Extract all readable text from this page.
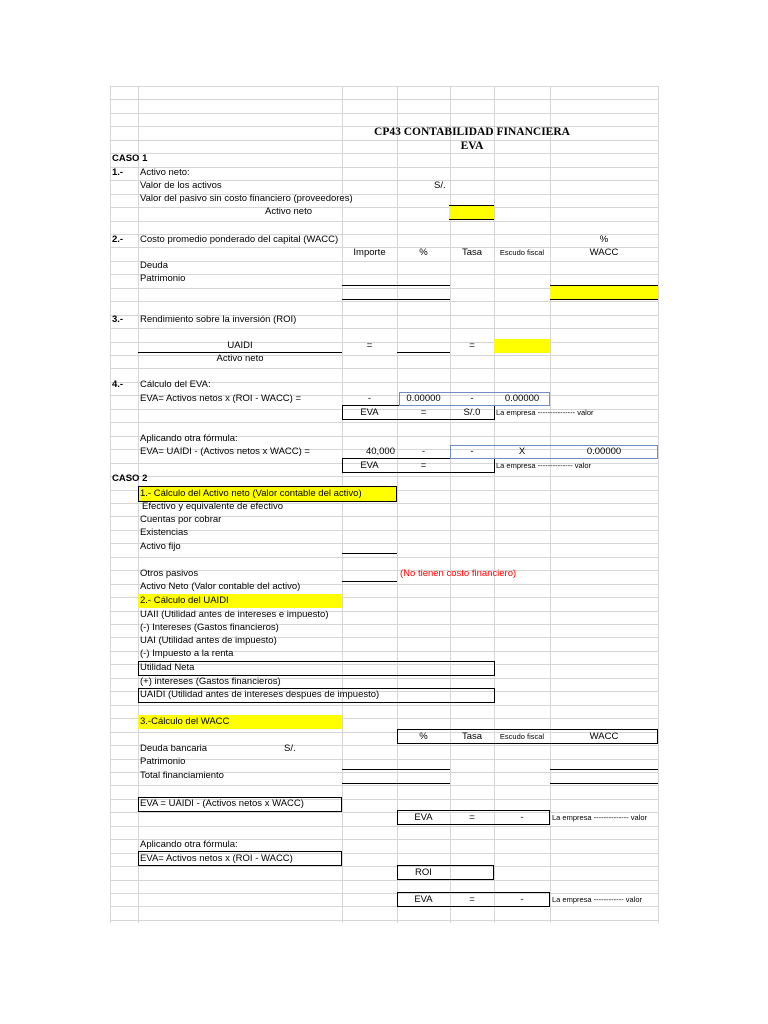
CP43 CONTABILIDAD FINANCIERA
EVA
CASO 1
1.- Activo neto:
Valor de los activos	S/.
Valor del pasivo sin costo financiero (proveedores)
Activo neto
2.- Costo promedio ponderado del capital (WACC)	%
Importe	%	Tasa	Escudo fiscal	WACC
Deuda
Patrimonio
3.- Rendimiento sobre la inversión (ROI)
UAIDI	=	=
Activo neto
4.- Cálculo del EVA:
EVA= Activos netos x (ROI - WACC) =	-	0.00000	-	0.00000
EVA	=	S/.0	La empresa --------------- valor
Aplicando otra fórmula:
EVA= UAIDI - (Activos netos x WACC) =	40,000	-	-	X	0.00000
EVA	=	La empresa -------------- valor
CASO 2
1.- Cálculo del Activo neto (Valor contable del activo)
Efectivo y equivalente de efectivo
Cuentas por cobrar
Existencias
Activo fijo
Otros pasivos	(No tienen costo financiero)
Activo Neto (Valor contable del activo)
2.- Cálculo del UAIDI
UAII (Utilidad antes de intereses e impuesto)
(-) Intereses (Gastos financieros)
UAI (Utilidad antes de impuesto)
(-) Impuesto a la renta
Utilidad Neta
(+) intereses (Gastos financieros)
UAIDI (Utilidad antes de intereses despues de impuesto)
3.-Cálculo del WACC
%	Tasa	Escudo fiscal	WACC
Deuda bancaria	S/.
Patrimonio
Total financiamiento
EVA = UAIDI - (Activos netos x WACC)
EVA	=	-	La empresa -------------- valor
Aplicando otra fórmula:
EVA= Activos netos x (ROI - WACC)
ROI
EVA	=	-	La empresa ------------ valor
